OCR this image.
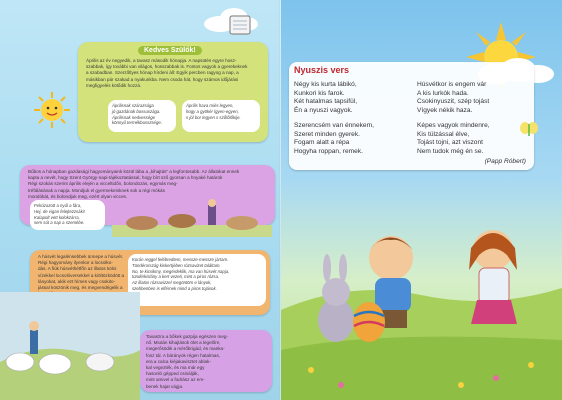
Kedves Szülők!
Április az év negyedik, a tavasz második hónapja. A napsütés egyre hosz-
szabbak, így további van világos, hosszabbak is. Fontos vagyok a gyerekeknek
a szabadban. Szerzőtlyes hónap hírdeni áll: Egyik percben ragyog a nap, a
másikban pár szakad a nyakunkba. Nem csoda hát, hogy számos időjárási
megfigyelés kötődik hozzá.
Áprilisnak szárazsága
jó gazdának bossuszága.
Áprilisnak nedvessége
könnyű termékbosszsége.
Április hava miés legyen,
hogy a gyökér lgyen-egyen,
s jól bor legyen s szőlőtőkije.
Bűbos a hónapban gazdasági hagyományaink közül lába a „kihajtás” a legfontosabb. Az állatokat ennek
kapta a nevét, hogy Szent György-napi-tájékoztatással, hogy bírt sző gyorsan a hnyaké határok
Régi szokás szerint április elején a vicceltidőn, bolondozás, egymás meg-
tréfálásának a napja. Mondjuk el gyermekeinknek sok a régi mókás
mondókát, és bolondjuk meg, ezért olyan vicces.
Felrúzazott a nyúl a fára,
Hej, de vigan felejtezzsáki!
Kalapolt vett kolokzárra,
sem sút a nap a szemébe.
A húsvét legalénsebbek ünnepe a húsvét.
Régi hagyomány ilyenkor a locsolko-
dás. A fiúk húsvéthétfőn az illatos kölni
vízekkel locsolóversekkel a kiöltözködött a
lányokat, akik ezt hímes vagy csokito-
jással köszönik meg, és megvendégelik a

Korán reggel felébredtem, messze-messze jártam.
Tündérország kiskertjében rózsavizet találtam.
No, te kicsikmy, megérdeklik, ma van húsvét napja,
tündérkislány a kert vezeti, mint a piros rózsa.
Az illatos rózsavizzel megöntöm e lányok,
szebbenben is elférnek mind a piros tojások.
Tavaszra a bőkek gazpija egészen meg-
nő. Miután kihajtások ölet a legelőre,
megerősödik a mérőbrigád, és manka-
fosz tál. A bárányok régen hatalmas,
era a calca kiéjakavisztet ablak-
kal vegezték, és ma már egy
hasonló gépped csinálják,
mint amivel a fodrász az em-
benek hajat vágja.
Nyuszis vers
Négy kis kurta lábikó,
Kunkori kis farok.
Két hatalmas tapsifül,
Én a nyuszi vagyok.
Húsvétkor is engem vár
A kis lurkók hada.
Csokinyuszit, szép tojást
Vígyek nékik haza.
Szerencsém van énnekem,
Szeret minden gyerek.
Fogam alatt a répa
Hogyha roppan, remek.
Képes vagyok mindenre,
Kis tülzással élve,
Tojást tojni, azt viszont
Nem tudok még én se.
(Papp Róbert)
